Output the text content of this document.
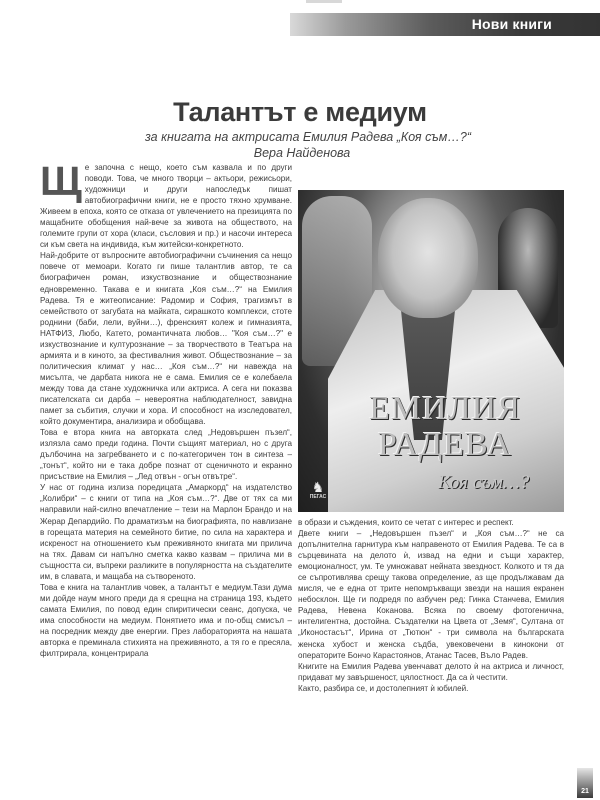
Нови книги
Талантът е медиум
за книгата на актрисата Емилия Радева „Коя съм…?“
Вера Найденова
Щ е започна с нещо, което съм казвала и по други поводи. Това, че много творци – актьори, режисьори, художници и други напоследък пишат автобиографични книги, не е просто тяхно хрумване. Живеем в епоха, която се отказа от увлечението на презицията по мащабните обобщения най-вече за живота на обществото, на големите групи от хора (класи, съсловия и пр.) и насочи интереса си към света на индивида, към житейски-конкретното.

Най-добрите от въпросните автобиографични съчинения са нещо повече от мемоари. Когато ги пише талантлив автор, те са биографичен роман, изкуствознание и обществознание едновременно. Такава е и книгата „Коя съм…?“ на Емилия Радева. Тя е житеописание: Радомир и София, трагизмът в семейството от загубата на майката, сирашкото комплекси, стоте роднини (баби, лели, вуйни…), френският колеж и гимназията, НАТФИЗ, Любо, Катето, романтичната любов… "Коя съм…?" е изкуствознание и културознание – за творчеството в Театъра на армията и в киното, за фестивалния живот. Обществознание – за политическия климат у нас… „Коя съм…?“ ни навежда на мисълта, че дарбата никога не е сама. Емилия се е колебаела между това да стане художничка или актриса. А сега ни показва писателската си дарба – невероятна наблюдателност, завидна памет за събития, случки и хора. И способност на изследовател, който документира, анализира и обобщава.

Това е втора книга на авторката след „Недовършен пъзел“, излязла само преди година. Почти същият материал, но с друга дълбочина на загребването и с по-категоричен тон в синтеза – „тонът“, който ни е така добре познат от сценичното и екранно присъствие на Емилия – „Лед отвън - огън отвътре“.

У нас от година излиза поредицата „Амаркорд“ на издателство „Колибри“ – с книги от типа на „Коя съм…?“. Две от тях са ми направили най-силно впечатление – тези на Марлон Брандо и на Жерар Депардийо. По драматизъм на биографията, по навлизане в горещата материя на семейното битие, по сила на характера и искреност на отношението към преживяното книгата ми прилича на тях. Давам си напълно сметка какво казвам – прилича ми в същността си, въпреки разликите в популярността на създателите им, в славата, и мащаба на сътвореното.

Това е книга на талантлив човек, а талантът е медиум.Тази дума ми дойде наум много преди да я срещна на страница 193, където самата Емилия, по повод един спиритически сеанс, допуска, че има способности на медиум. Понятието има и по-общ смисъл – на посредник между две енергии. През лабораторията на нашата авторка е преминала стихията на преживяното, а тя го е пресяла, филтрирала, концентрирала

ЕМИЛИЯ
РАДЕВА
Коя съм…?
♞
ПЕГАС

в образи и съждения, които се четат с интерес и респект.

Двете книги – „Недовършен пъзел“ и „Коя съм…?“ не са допълнителна гарнитура към направеното от Емилия Радева. Те са в сърцевината на делото ѝ, извад на едни и същи характер, емоционалност, ум. Те умножават нейната звездност. Колкото и тя да се съпротивлява срещу такова определение, аз ще продължавам да мисля, че е една от трите непомръкващи звезди на нашия екранен небосклон. Ще ги подредя по азбучен ред: Гинка Станчева, Емилия Радева, Невена Коканова. Всяка по своему фотогенична, интелигентна, достойна. Създателки на Цвета от „Земя“, Султана от „Иконостасът“, Ирина от „Тютюн“ - три символа на българската женска хубост и женска съдба, увековечени в кинокони от операторите Бончо Карастоянов, Атанас Тасев, Въло Радев.

Книгите на Емилия Радева увенчават делото ѝ на актриса и личност, придават му завършеност, цялостност. Да са ѝ честити.

Както, разбира се, и достолепният ѝ юбилей.

21
